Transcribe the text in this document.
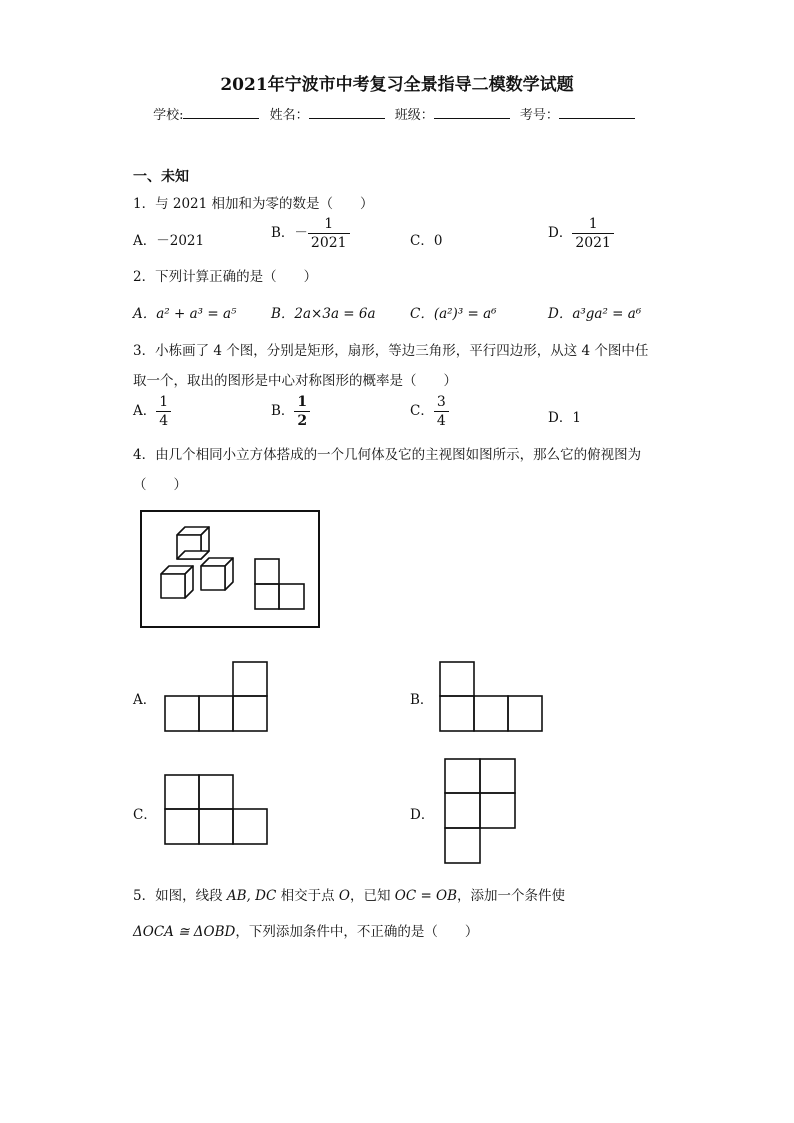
2021年宁波市中考复习全景指导二模数学试题
学校:	姓名：	班级：	考号：
一、未知
1．与 2021 相加和为零的数是（　　）
A．－2021	B．－ $\frac{1}{2021}$	C．0	D． $\frac{1}{2021}$
2．下列计算正确的是（　　）
A．a² + a³ = a⁵	B．2a×3a = 6a	C．(a²)³ = a⁶	D．a³ga² = a⁶
3．小栋画了 4 个图，分别是矩形，扇形，等边三角形，平行四边形，从这 4 个图中任
取一个，取出的图形是中心对称图形的概率是（　　）
A． $\frac{1}{4}$	B． $\frac{1}{2}$	C． $\frac{3}{4}$	D．1
4．由几个相同小立方体搭成的一个几何体及它的主视图如图所示，那么它的俯视图为
（　　）
A．	B．
C．	D．
5．如图，线段 AB, DC 相交于点 O，已知 OC = OB，添加一个条件使
ΔOCA ≅ ΔOBD，下列添加条件中，不正确的是（　　）
